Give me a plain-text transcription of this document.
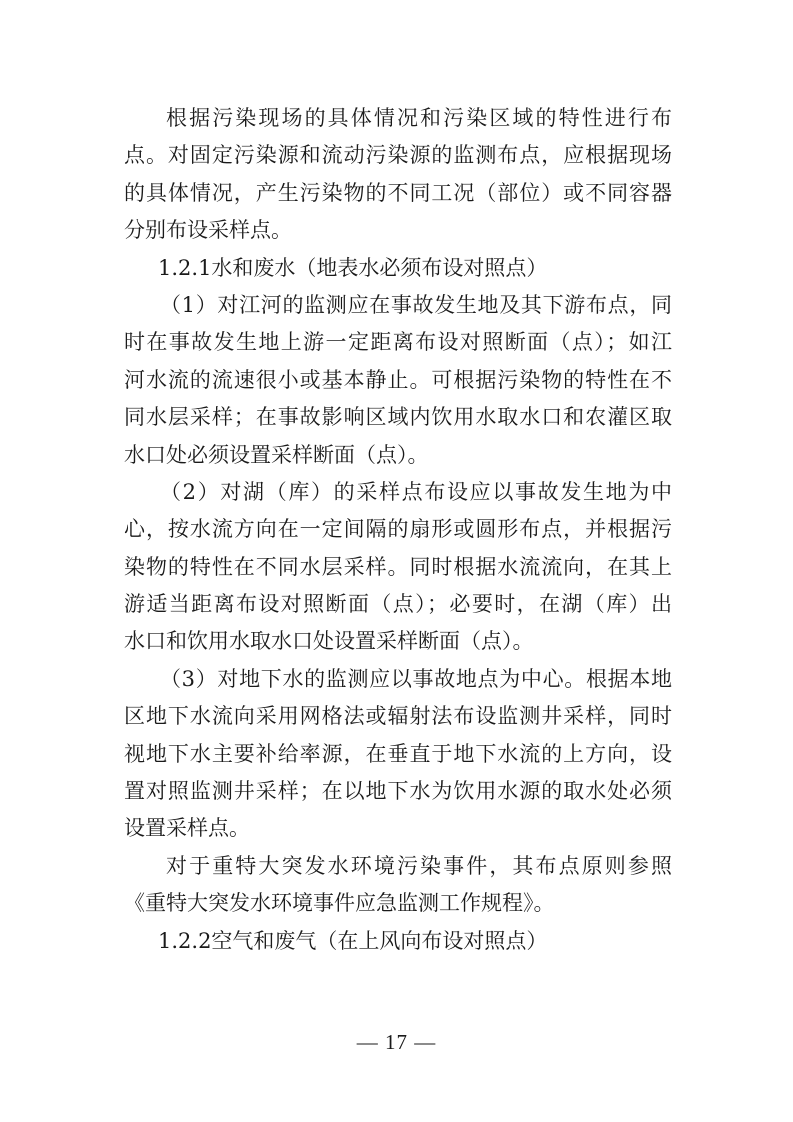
根据污染现场的具体情况和污染区域的特性进行布
点。对固定污染源和流动污染源的监测布点，应根据现场
的具体情况，产生污染物的不同工况（部位）或不同容器
分别布设采样点。
1.2.1水和废水（地表水必须布设对照点）
（1）对江河的监测应在事故发生地及其下游布点，同
时在事故发生地上游一定距离布设对照断面（点）；如江
河水流的流速很小或基本静止。可根据污染物的特性在不
同水层采样；在事故影响区域内饮用水取水口和农灌区取
水口处必须设置采样断面（点）。
（2）对湖（库）的采样点布设应以事故发生地为中
心，按水流方向在一定间隔的扇形或圆形布点，并根据污
染物的特性在不同水层采样。同时根据水流流向，在其上
游适当距离布设对照断面（点）；必要时，在湖（库）出
水口和饮用水取水口处设置采样断面（点）。
（3）对地下水的监测应以事故地点为中心。根据本地
区地下水流向采用网格法或辐射法布设监测井采样，同时
视地下水主要补给率源，在垂直于地下水流的上方向，设
置对照监测井采样；在以地下水为饮用水源的取水处必须
设置采样点。
对于重特大突发水环境污染事件，其布点原则参照
《重特大突发水环境事件应急监测工作规程》。
1.2.2空气和废气（在上风向布设对照点）
— 17 —
